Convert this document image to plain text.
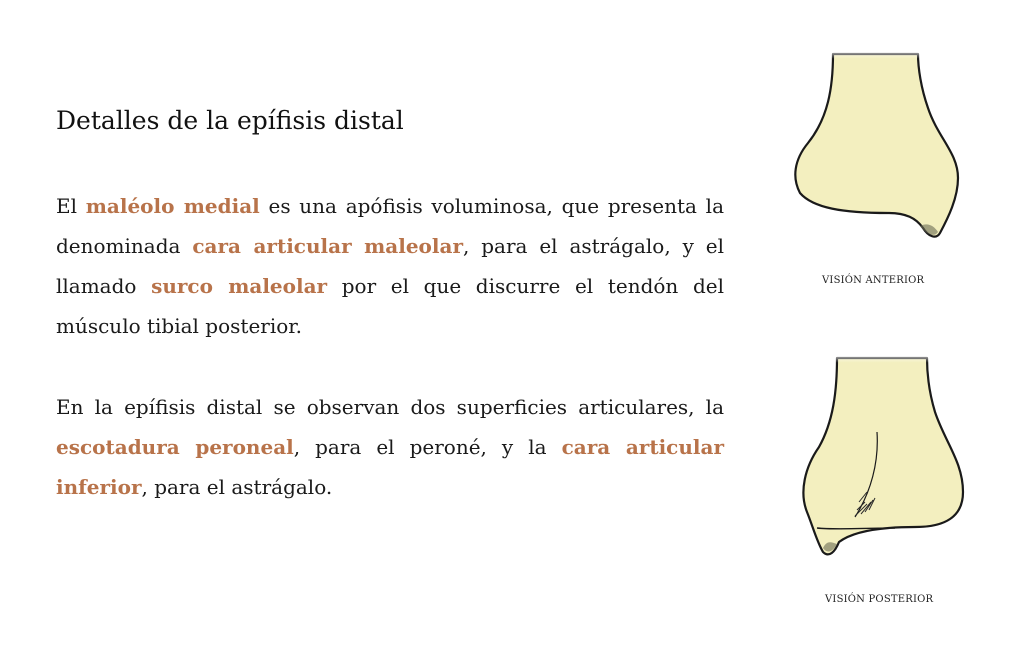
Detalles de la epífisis distal

El maléolo medial es una apófisis voluminosa, que presenta la denominada cara articular maleolar, para el astrágalo, y el llamado surco maleolar por el que discurre el tendón del músculo tibial posterior.

En la epífisis distal se observan dos superficies articulares, la escotadura peroneal, para el peroné, y la cara articular inferior, para el astrágalo.

VISIÓN ANTERIOR
VISIÓN POSTERIOR
